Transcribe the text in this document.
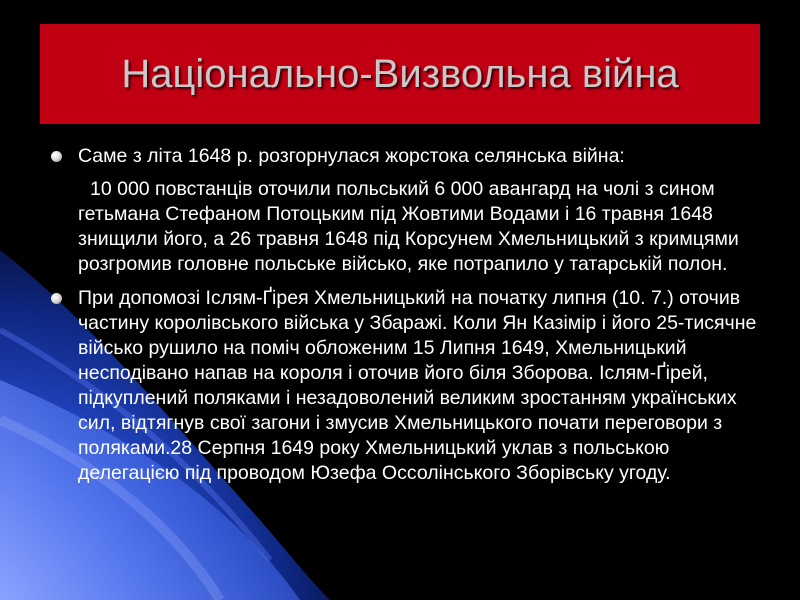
Національно-Визвольна війна

Саме з літа 1648 р. розгорнулася жорстока селянська війна:

10 000 повстанців оточили польський 6 000 авангард на чолі з сином гетьмана Стефаном Потоцьким під Жовтими Водами і 16 травня 1648 знищили його, а 26 травня 1648 під Корсунем Хмельницький з кримцями розгромив головне польське військо, яке потрапило у татарській полон.

При допомозі Іслям-Ґірея Хмельницький на початку липня (10. 7.) оточив частину королівського війська у Збаражі. Коли Ян Казімір і його 25-тисячне військо рушило на поміч обложеним 15 Липня 1649, Хмельницький несподівано напав на короля і оточив його біля Зборова. Іслям-Ґірей, підкуплений поляками і незадоволений великим зростанням українських сил, відтягнув свої загони і змусив Хмельницького почати переговори з поляками.28 Серпня 1649 року Хмельницький уклав з польською делегацією під проводом Юзефа Оссолінського Зборівську угоду.
